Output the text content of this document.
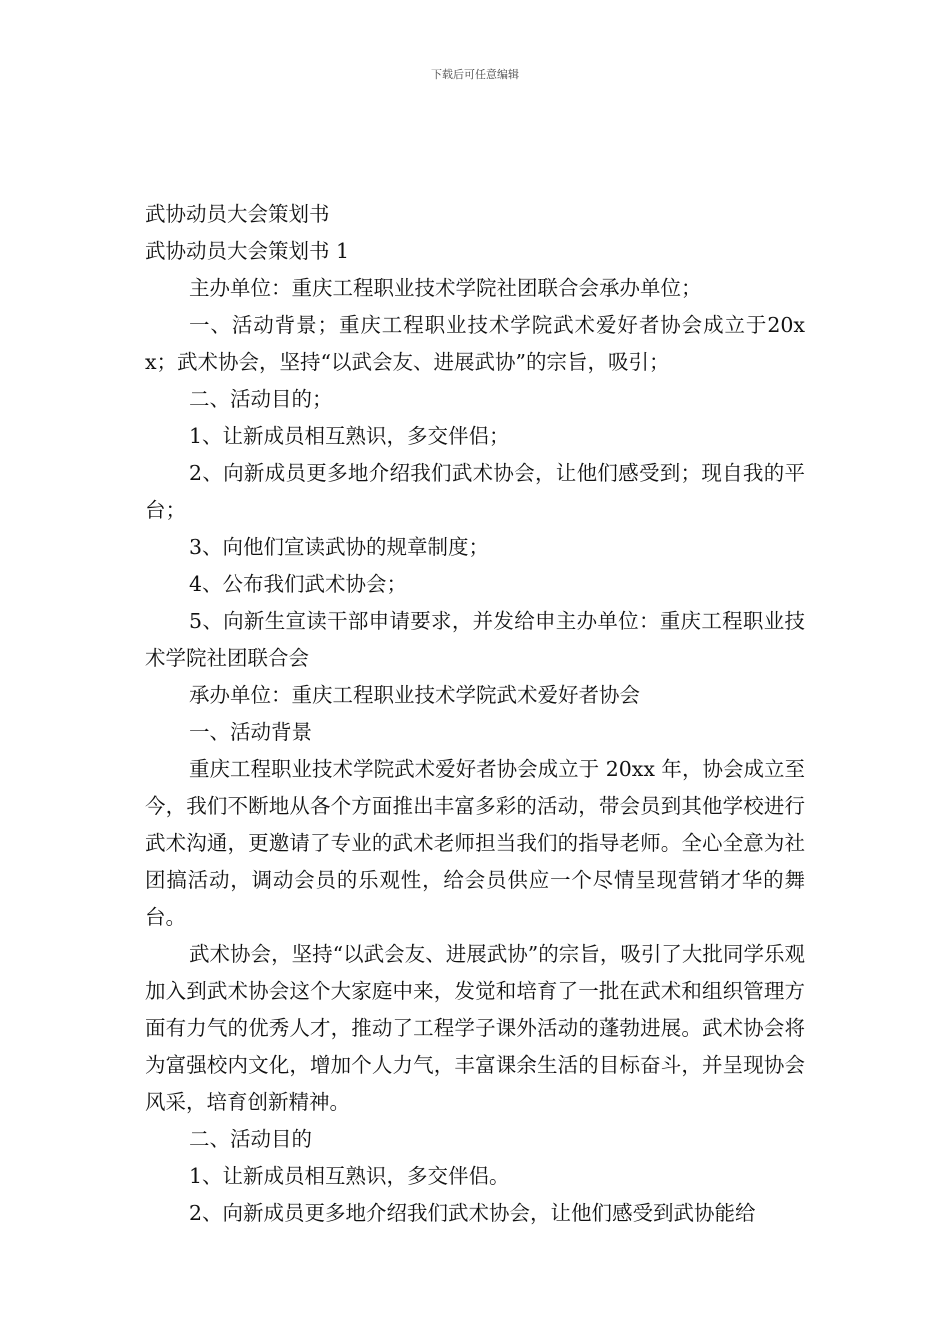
下载后可任意编辑

武协动员大会策划书

武协动员大会策划书 1

主办单位：重庆工程职业技术学院社团联合会承办单位；

一、活动背景；重庆工程职业技术学院武术爱好者协会成立于20xx；武术协会，坚持“以武会友、进展武协”的宗旨，吸引；

二、活动目的；

1、让新成员相互熟识，多交伴侣；

2、向新成员更多地介绍我们武术协会，让他们感受到；现自我的平台；

3、向他们宣读武协的规章制度；

4、公布我们武术协会；

5、向新生宣读干部申请要求，并发给申主办单位：重庆工程职业技术学院社团联合会

承办单位：重庆工程职业技术学院武术爱好者协会

一、活动背景

重庆工程职业技术学院武术爱好者协会成立于 20xx 年，协会成立至今，我们不断地从各个方面推出丰富多彩的活动，带会员到其他学校进行武术沟通，更邀请了专业的武术老师担当我们的指导老师。全心全意为社团搞活动，调动会员的乐观性，给会员供应一个尽情呈现营销才华的舞台。

武术协会，坚持“以武会友、进展武协”的宗旨，吸引了大批同学乐观加入到武术协会这个大家庭中来，发觉和培育了一批在武术和组织管理方面有力气的优秀人才，推动了工程学子课外活动的蓬勃进展。武术协会将为富强校内文化，增加个人力气，丰富课余生活的目标奋斗，并呈现协会风采，培育创新精神。

二、活动目的

1、让新成员相互熟识，多交伴侣。

2、向新成员更多地介绍我们武术协会，让他们感受到武协能给
